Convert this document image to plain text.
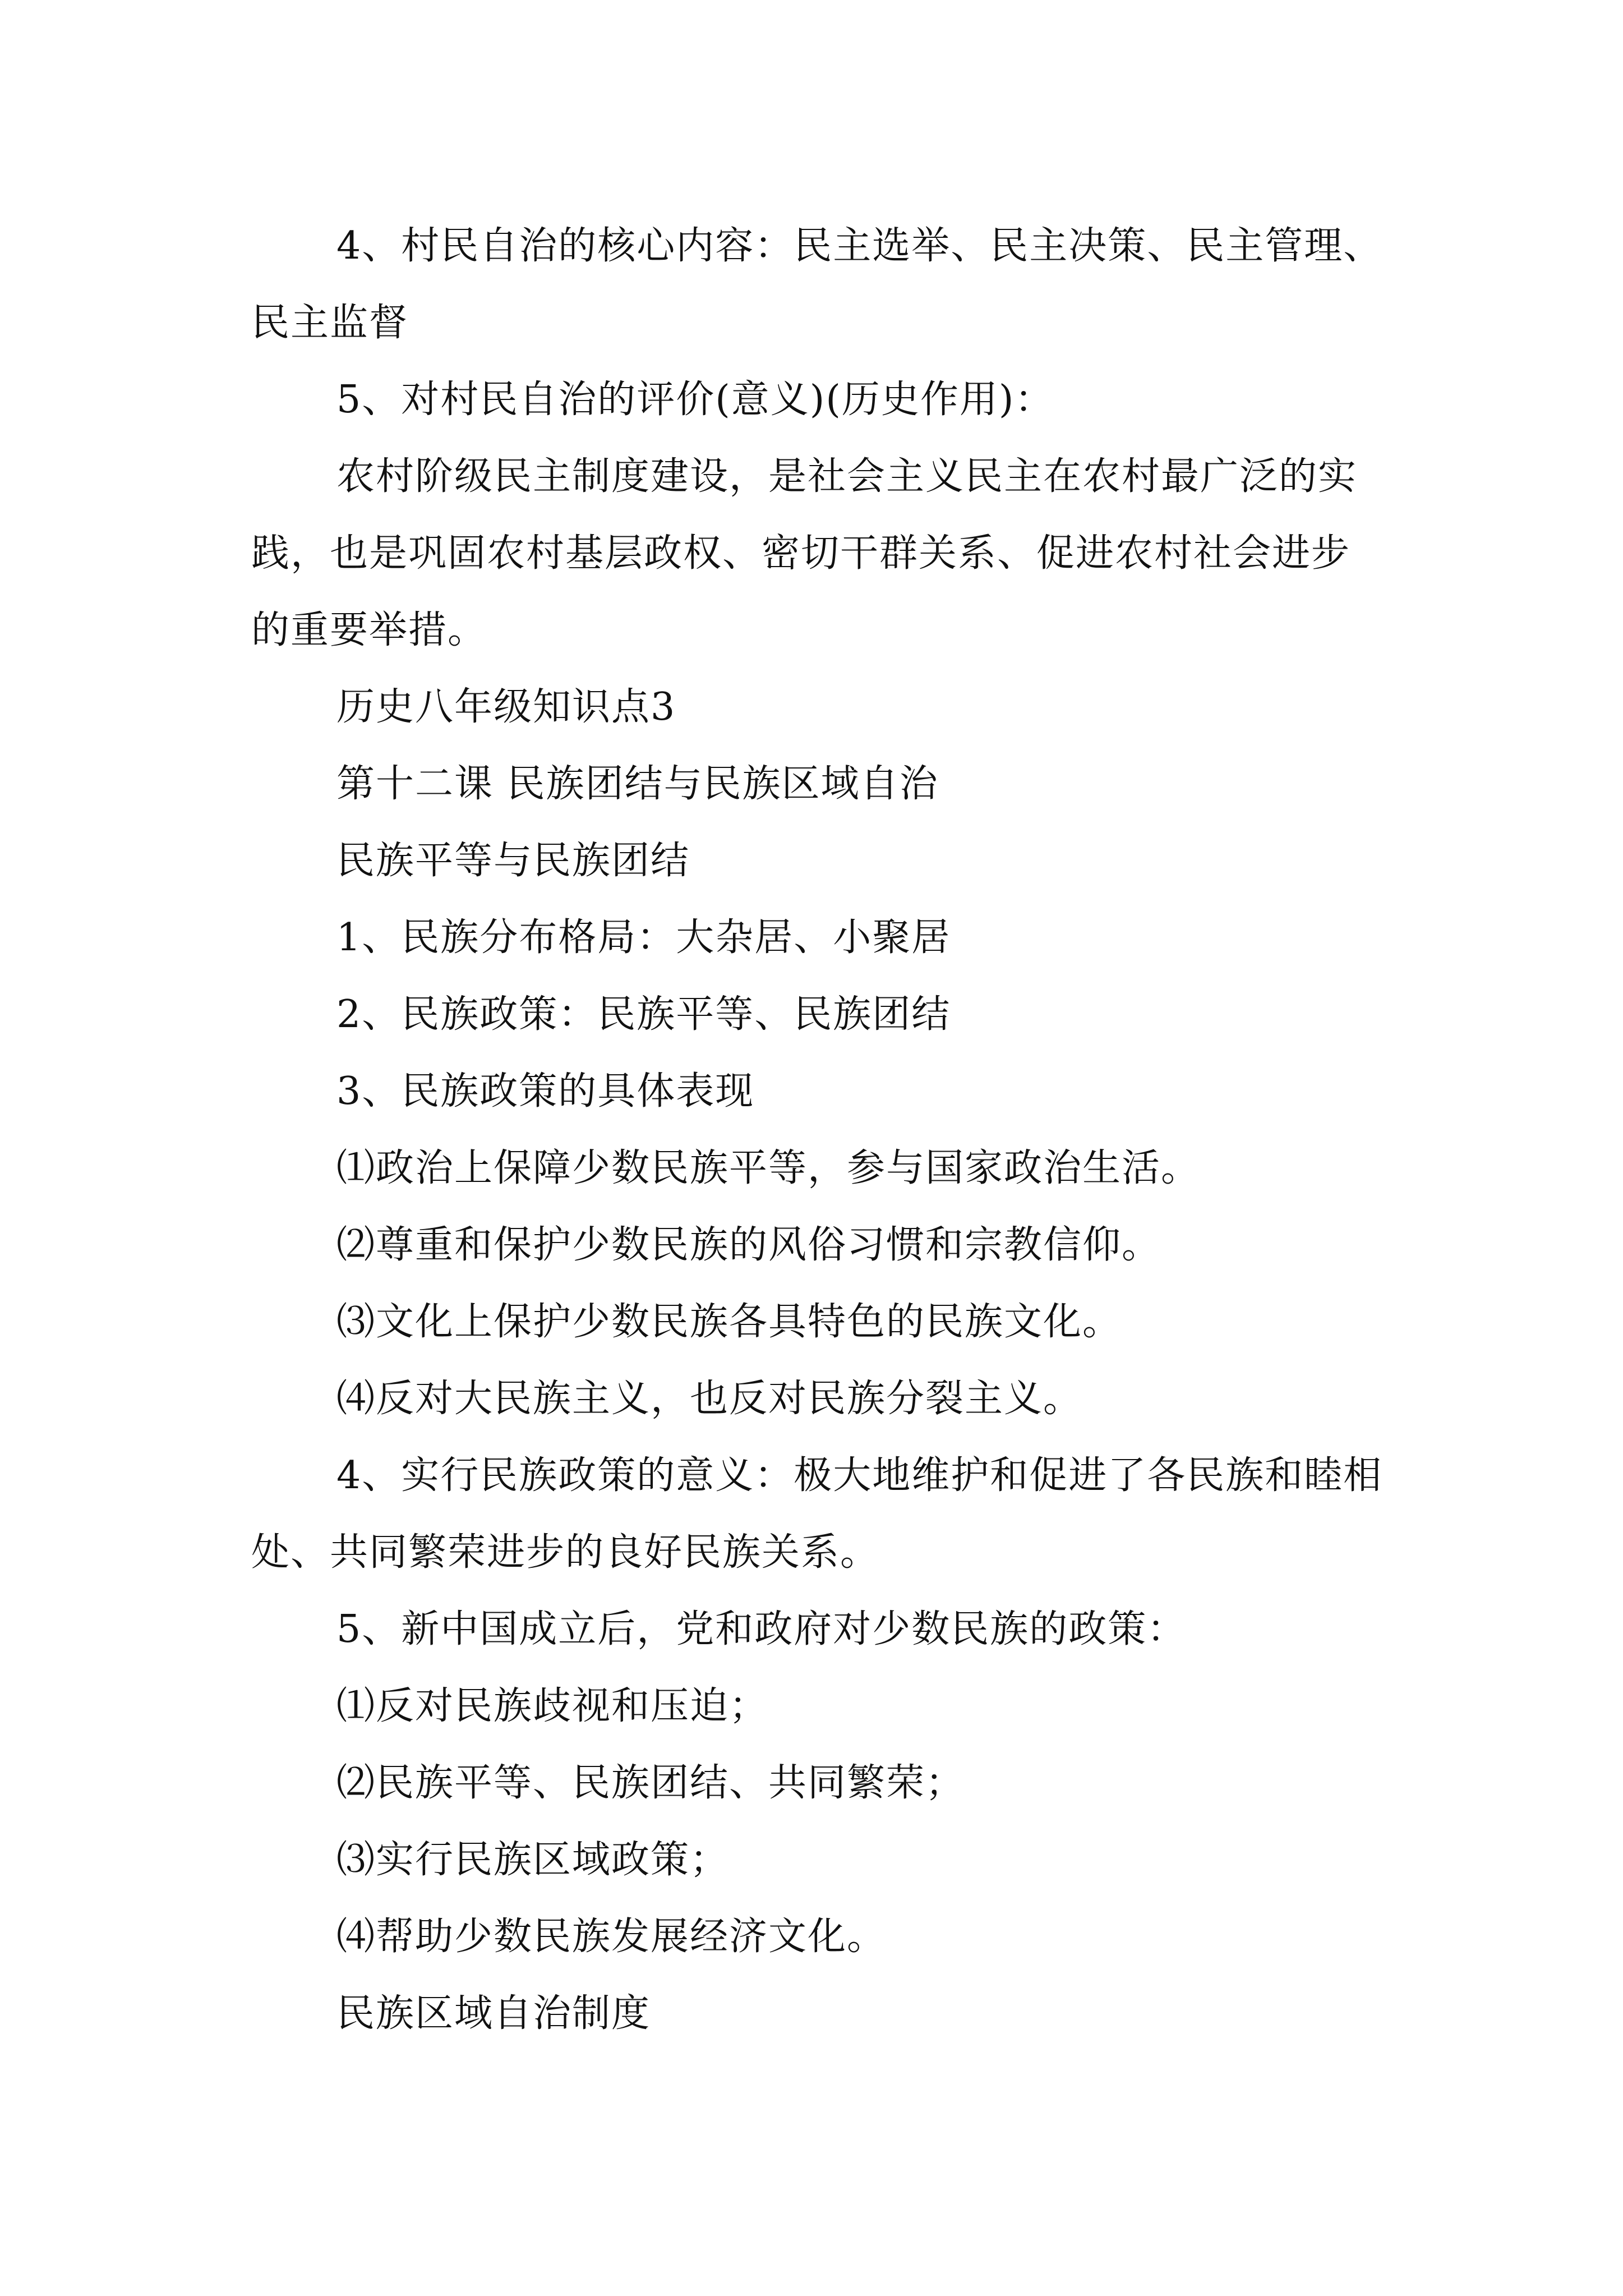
4、村民自治的核心内容：民主选举、民主决策、民主管理、民主监督

5、对村民自治的评价(意义)(历史作用)：

农村阶级民主制度建设，是社会主义民主在农村最广泛的实践，也是巩固农村基层政权、密切干群关系、促进农村社会进步的重要举措。

历史八年级知识点3

第十二课 民族团结与民族区域自治

民族平等与民族团结

1、民族分布格局：大杂居、小聚居

2、民族政策：民族平等、民族团结

3、民族政策的具体表现

⑴政治上保障少数民族平等，参与国家政治生活。

⑵尊重和保护少数民族的风俗习惯和宗教信仰。

⑶文化上保护少数民族各具特色的民族文化。

⑷反对大民族主义，也反对民族分裂主义。

4、实行民族政策的意义：极大地维护和促进了各民族和睦相处、共同繁荣进步的良好民族关系。

5、新中国成立后，党和政府对少数民族的政策：

⑴反对民族歧视和压迫；

⑵民族平等、民族团结、共同繁荣；

⑶实行民族区域政策；

⑷帮助少数民族发展经济文化。

民族区域自治制度
